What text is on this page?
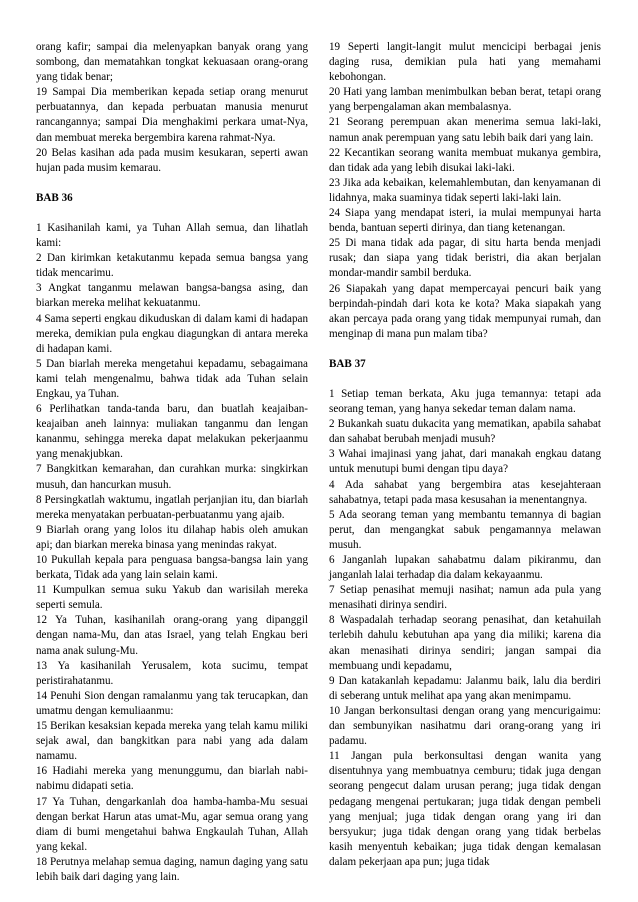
orang kafir; sampai dia melenyapkan banyak orang yang sombong, dan mematahkan tongkat kekuasaan orang-orang yang tidak benar;

19 Sampai Dia memberikan kepada setiap orang menurut perbuatannya, dan kepada perbuatan manusia menurut rancangannya; sampai Dia menghakimi perkara umat-Nya, dan membuat mereka bergembira karena rahmat-Nya.

20 Belas kasihan ada pada musim kesukaran, seperti awan hujan pada musim kemarau.

BAB 36

1 Kasihanilah kami, ya Tuhan Allah semua, dan lihatlah kami:

2 Dan kirimkan ketakutanmu kepada semua bangsa yang tidak mencarimu.

3 Angkat tanganmu melawan bangsa-bangsa asing, dan biarkan mereka melihat kekuatanmu.

4 Sama seperti engkau dikuduskan di dalam kami di hadapan mereka, demikian pula engkau diagungkan di antara mereka di hadapan kami.

5 Dan biarlah mereka mengetahui kepadamu, sebagaimana kami telah mengenalmu, bahwa tidak ada Tuhan selain Engkau, ya Tuhan.

6 Perlihatkan tanda-tanda baru, dan buatlah keajaiban-keajaiban aneh lainnya: muliakan tanganmu dan lengan kananmu, sehingga mereka dapat melakukan pekerjaanmu yang menakjubkan.

7 Bangkitkan kemarahan, dan curahkan murka: singkirkan musuh, dan hancurkan musuh.

8 Persingkatlah waktumu, ingatlah perjanjian itu, dan biarlah mereka menyatakan perbuatan-perbuatanmu yang ajaib.

9 Biarlah orang yang lolos itu dilahap habis oleh amukan api; dan biarkan mereka binasa yang menindas rakyat.

10 Pukullah kepala para penguasa bangsa-bangsa lain yang berkata, Tidak ada yang lain selain kami.

11 Kumpulkan semua suku Yakub dan warisilah mereka seperti semula.

12 Ya Tuhan, kasihanilah orang-orang yang dipanggil dengan nama-Mu, dan atas Israel, yang telah Engkau beri nama anak sulung-Mu.

13 Ya kasihanilah Yerusalem, kota sucimu, tempat peristirahatanmu.

14 Penuhi Sion dengan ramalanmu yang tak terucapkan, dan umatmu dengan kemuliaanmu:

15 Berikan kesaksian kepada mereka yang telah kamu miliki sejak awal, dan bangkitkan para nabi yang ada dalam namamu.

16 Hadiahi mereka yang menunggumu, dan biarlah nabi-nabimu didapati setia.

17 Ya Tuhan, dengarkanlah doa hamba-hamba-Mu sesuai dengan berkat Harun atas umat-Mu, agar semua orang yang diam di bumi mengetahui bahwa Engkaulah Tuhan, Allah yang kekal.

18 Perutnya melahap semua daging, namun daging yang satu lebih baik dari daging yang lain.

19 Seperti langit-langit mulut mencicipi berbagai jenis daging rusa, demikian pula hati yang memahami kebohongan.

20 Hati yang lamban menimbulkan beban berat, tetapi orang yang berpengalaman akan membalasnya.

21 Seorang perempuan akan menerima semua laki-laki, namun anak perempuan yang satu lebih baik dari yang lain.

22 Kecantikan seorang wanita membuat mukanya gembira, dan tidak ada yang lebih disukai laki-laki.

23 Jika ada kebaikan, kelemahlembutan, dan kenyamanan di lidahnya, maka suaminya tidak seperti laki-laki lain.

24 Siapa yang mendapat isteri, ia mulai mempunyai harta benda, bantuan seperti dirinya, dan tiang ketenangan.

25 Di mana tidak ada pagar, di situ harta benda menjadi rusak; dan siapa yang tidak beristri, dia akan berjalan mondar-mandir sambil berduka.

26 Siapakah yang dapat mempercayai pencuri baik yang berpindah-pindah dari kota ke kota? Maka siapakah yang akan percaya pada orang yang tidak mempunyai rumah, dan menginap di mana pun malam tiba?

BAB 37

1 Setiap teman berkata, Aku juga temannya: tetapi ada seorang teman, yang hanya sekedar teman dalam nama.

2 Bukankah suatu dukacita yang mematikan, apabila sahabat dan sahabat berubah menjadi musuh?

3 Wahai imajinasi yang jahat, dari manakah engkau datang untuk menutupi bumi dengan tipu daya?

4 Ada sahabat yang bergembira atas kesejahteraan sahabatnya, tetapi pada masa kesusahan ia menentangnya.

5 Ada seorang teman yang membantu temannya di bagian perut, dan mengangkat sabuk pengamannya melawan musuh.

6 Janganlah lupakan sahabatmu dalam pikiranmu, dan janganlah lalai terhadap dia dalam kekayaanmu.

7 Setiap penasihat memuji nasihat; namun ada pula yang menasihati dirinya sendiri.

8 Waspadalah terhadap seorang penasihat, dan ketahuilah terlebih dahulu kebutuhan apa yang dia miliki; karena dia akan menasihati dirinya sendiri; jangan sampai dia membuang undi kepadamu,

9 Dan katakanlah kepadamu: Jalanmu baik, lalu dia berdiri di seberang untuk melihat apa yang akan menimpamu.

10 Jangan berkonsultasi dengan orang yang mencurigaimu: dan sembunyikan nasihatmu dari orang-orang yang iri padamu.

11 Jangan pula berkonsultasi dengan wanita yang disentuhnya yang membuatnya cemburu; tidak juga dengan seorang pengecut dalam urusan perang; juga tidak dengan pedagang mengenai pertukaran; juga tidak dengan pembeli yang menjual; juga tidak dengan orang yang iri dan bersyukur; juga tidak dengan orang yang tidak berbelas kasih menyentuh kebaikan; juga tidak dengan kemalasan dalam pekerjaan apa pun; juga tidak
